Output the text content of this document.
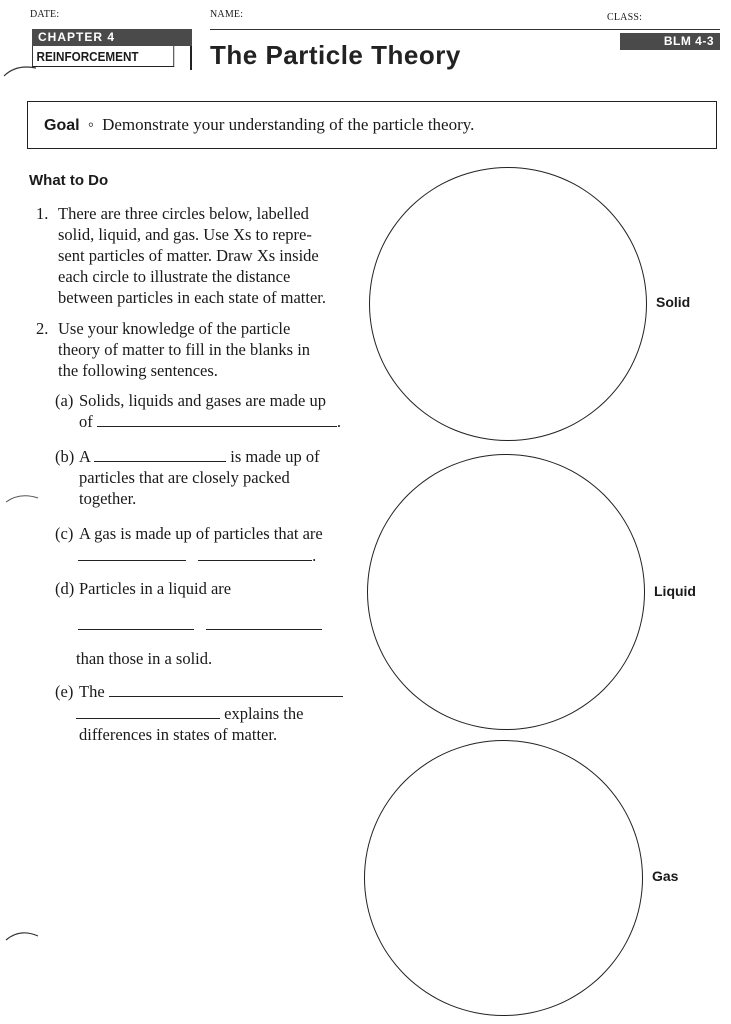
DATE:	NAME:	CLASS:
CHAPTER 4
REINFORCEMENT	The Particle Theory	BLM 4-3
Goal ◦ Demonstrate your understanding of the particle theory.
What to Do
1. There are three circles below, labelled
solid, liquid, and gas. Use Xs to repre-
sent particles of matter. Draw Xs inside
each circle to illustrate the distance
between particles in each state of matter.
2. Use your knowledge of the particle
theory of matter to fill in the blanks in
the following sentences.
(a) Solids, liquids and gases are made up
of	.
(b) A	is made up of
particles that are closely packed
together.
(c) A gas is made up of particles that are
.
(d) Particles in a liquid are

than those in a solid.
(e) The
explains the
differences in states of matter.
Solid
Liquid
Gas
